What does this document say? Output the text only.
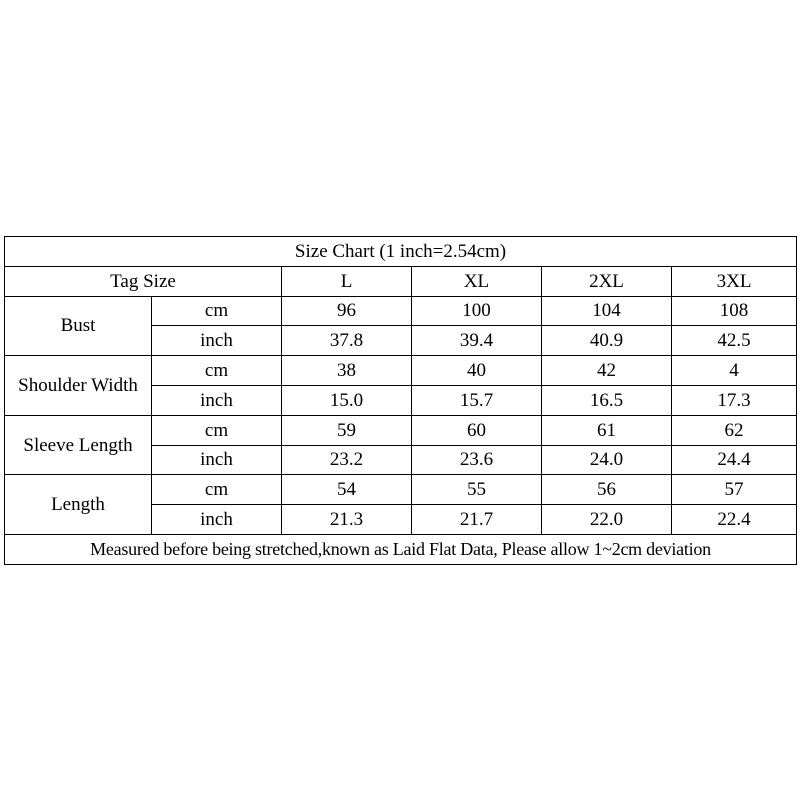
Size Chart (1 inch=2.54cm)					
Tag Size		L	XL	2XL	3XL
Bust	cm	96	100	104	108
	inch	37.8	39.4	40.9	42.5
Shoulder Width	cm	38	40	42	4
	inch	15.0	15.7	16.5	17.3
Sleeve Length	cm	59	60	61	62
	inch	23.2	23.6	24.0	24.4
Length	cm	54	55	56	57
	inch	21.3	21.7	22.0	22.4
Measured before being stretched,known as Laid Flat Data, Please allow 1~2cm deviation					
